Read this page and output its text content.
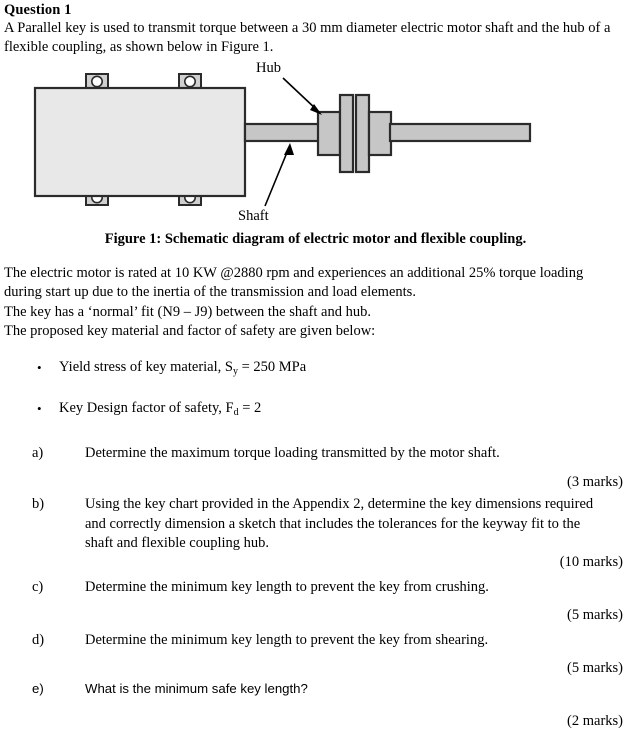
Question 1
A Parallel key is used to transmit torque between a 30 mm diameter electric motor shaft and the hub of a flexible coupling, as shown below in Figure 1.
Hub
Shaft
Figure 1: Schematic diagram of electric motor and flexible coupling.
The electric motor is rated at 10 KW @2880 rpm and experiences an additional 25% torque loading during start up due to the inertia of the transmission and load elements.
The key has a ‘normal’ fit (N9 – J9) between the shaft and hub.
The proposed key material and factor of safety are given below:
• Yield stress of key material, $S_y = 250$ MPa
• Key Design factor of safety, $F_d = 2$
a)	Determine the maximum torque loading transmitted by the motor shaft.
(3 marks)
b)	Using the key chart provided in the Appendix 2, determine the key dimensions required and correctly dimension a sketch that includes the tolerances for the keyway fit to the shaft and flexible coupling hub.
(10 marks)
c)	Determine the minimum key length to prevent the key from crushing.
(5 marks)
d)	Determine the minimum key length to prevent the key from shearing.
(5 marks)
e)	What is the minimum safe key length?
(2 marks)
